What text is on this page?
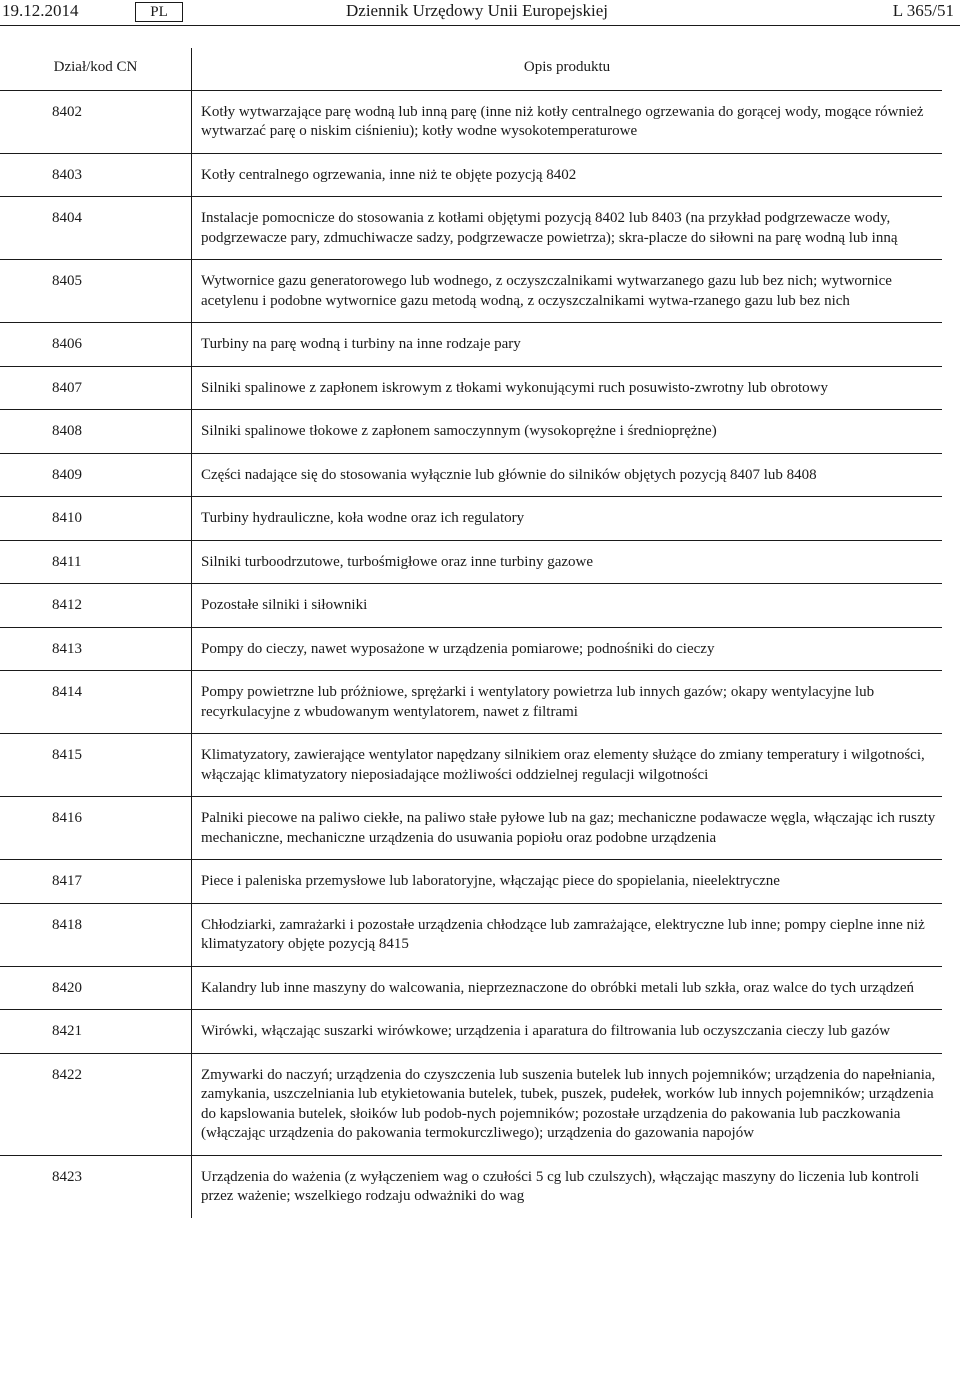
19.12.2014	PL	Dziennik Urzędowy Unii Europejskiej	L 365/51
Dział/kod CN	Opis produktu

8402	Kotły wytwarzające parę wodną lub inną parę (inne niż kotły centralnego ogrzewania do gorącej wody, mogące również wytwarzać parę o niskim ciśnieniu); kotły wodne wysokotemperaturowe

8403	Kotły centralnego ogrzewania, inne niż te objęte pozycją 8402

8404	Instalacje pomocnicze do stosowania z kotłami objętymi pozycją 8402 lub 8403 (na przykład podgrzewacze wody, podgrzewacze pary, zdmuchiwacze sadzy, podgrzewacze powietrza); skra-placze do siłowni na parę wodną lub inną

8405	Wytwornice gazu generatorowego lub wodnego, z oczyszczalnikami wytwarzanego gazu lub bez nich; wytwornice acetylenu i podobne wytwornice gazu metodą wodną, z oczyszczalnikami wytwa-rzanego gazu lub bez nich

8406	Turbiny na parę wodną i turbiny na inne rodzaje pary

8407	Silniki spalinowe z zapłonem iskrowym z tłokami wykonującymi ruch posuwisto-zwrotny lub obrotowy

8408	Silniki spalinowe tłokowe z zapłonem samoczynnym (wysokoprężne i średnioprężne)

8409	Części nadające się do stosowania wyłącznie lub głównie do silników objętych pozycją 8407 lub 8408

8410	Turbiny hydrauliczne, koła wodne oraz ich regulatory

8411	Silniki turboodrzutowe, turbośmigłowe oraz inne turbiny gazowe

8412	Pozostałe silniki i siłowniki

8413	Pompy do cieczy, nawet wyposażone w urządzenia pomiarowe; podnośniki do cieczy

8414	Pompy powietrzne lub próżniowe, sprężarki i wentylatory powietrza lub innych gazów; okapy wentylacyjne lub recyrkulacyjne z wbudowanym wentylatorem, nawet z filtrami

8415	Klimatyzatory, zawierające wentylator napędzany silnikiem oraz elementy służące do zmiany temperatury i wilgotności, włączając klimatyzatory nieposiadające możliwości oddzielnej regulacji wilgotności

8416	Palniki piecowe na paliwo ciekłe, na paliwo stałe pyłowe lub na gaz; mechaniczne podawacze węgla, włączając ich ruszty mechaniczne, mechaniczne urządzenia do usuwania popiołu oraz podobne urządzenia

8417	Piece i paleniska przemysłowe lub laboratoryjne, włączając piece do spopielania, nieelektryczne

8418	Chłodziarki, zamrażarki i pozostałe urządzenia chłodzące lub zamrażające, elektryczne lub inne; pompy cieplne inne niż klimatyzatory objęte pozycją 8415

8420	Kalandry lub inne maszyny do walcowania, nieprzeznaczone do obróbki metali lub szkła, oraz walce do tych urządzeń

8421	Wirówki, włączając suszarki wirówkowe; urządzenia i aparatura do filtrowania lub oczyszczania cieczy lub gazów

8422	Zmywarki do naczyń; urządzenia do czyszczenia lub suszenia butelek lub innych pojemników; urządzenia do napełniania, zamykania, uszczelniania lub etykietowania butelek, tubek, puszek, pudełek, worków lub innych pojemników; urządzenia do kapslowania butelek, słoików lub podob-nych pojemników; pozostałe urządzenia do pakowania lub paczkowania (włączając urządzenia do pakowania termokurczliwego); urządzenia do gazowania napojów

8423	Urządzenia do ważenia (z wyłączeniem wag o czułości 5 cg lub czulszych), włączając maszyny do liczenia lub kontroli przez ważenie; wszelkiego rodzaju odważniki do wag
